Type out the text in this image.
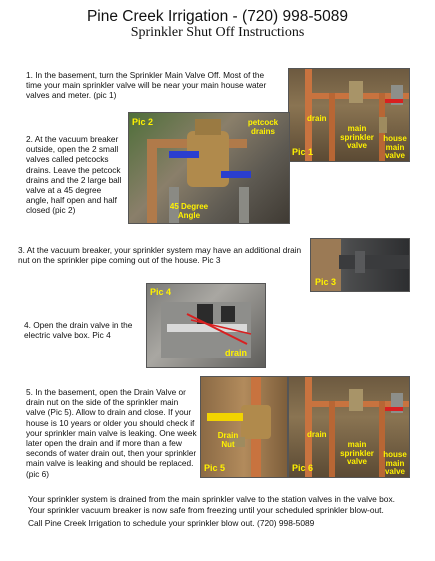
Pine Creek Irrigation - (720) 998-5089
Sprinkler Shut Off Instructions
1. In the basement, turn the Sprinkler Main Valve Off. Most of the time your main sprinkler valve will be near your main house water valves and meter. (pic 1)
drain
main sprinkler valve
house main valve
Pic 1
2. At the vacuum breaker outside, open the 2 small valves called petcocks drains. Leave the petcock drains and the 2 large ball valve at a 45 degree angle, half open and half closed (pic 2)
Pic 2	petcock drains
45 Degree Angle
3. At the vacuum breaker, your sprinkler system may have an additional drain nut on the sprinkler pipe coming out of the house. Pic 3
Pic 3
Pic 4
drain
4. Open the drain valve in the electric valve box. Pic 4
5. In the basement, open the Drain Valve or drain nut on the side of the sprinkler main valve (Pic 5). Allow to drain and close. If your house is 10 years or older you should check if your sprinkler main valve is leaking. One week later open the drain and if more than a few seconds of water drain out, then your sprinkler main valve is leaking and should be replaced. (pic 6)
Drain Nut
Pic 5
drain
main sprinkler valve
house main valve
Pic 6
Your sprinkler system is drained from the main sprinkler valve to the station valves in the valve box.
Your sprinkler vacuum breaker is now safe from freezing until your scheduled sprinkler blow-out.
Call Pine Creek Irrigation to schedule your sprinkler blow out. (720) 998-5089
